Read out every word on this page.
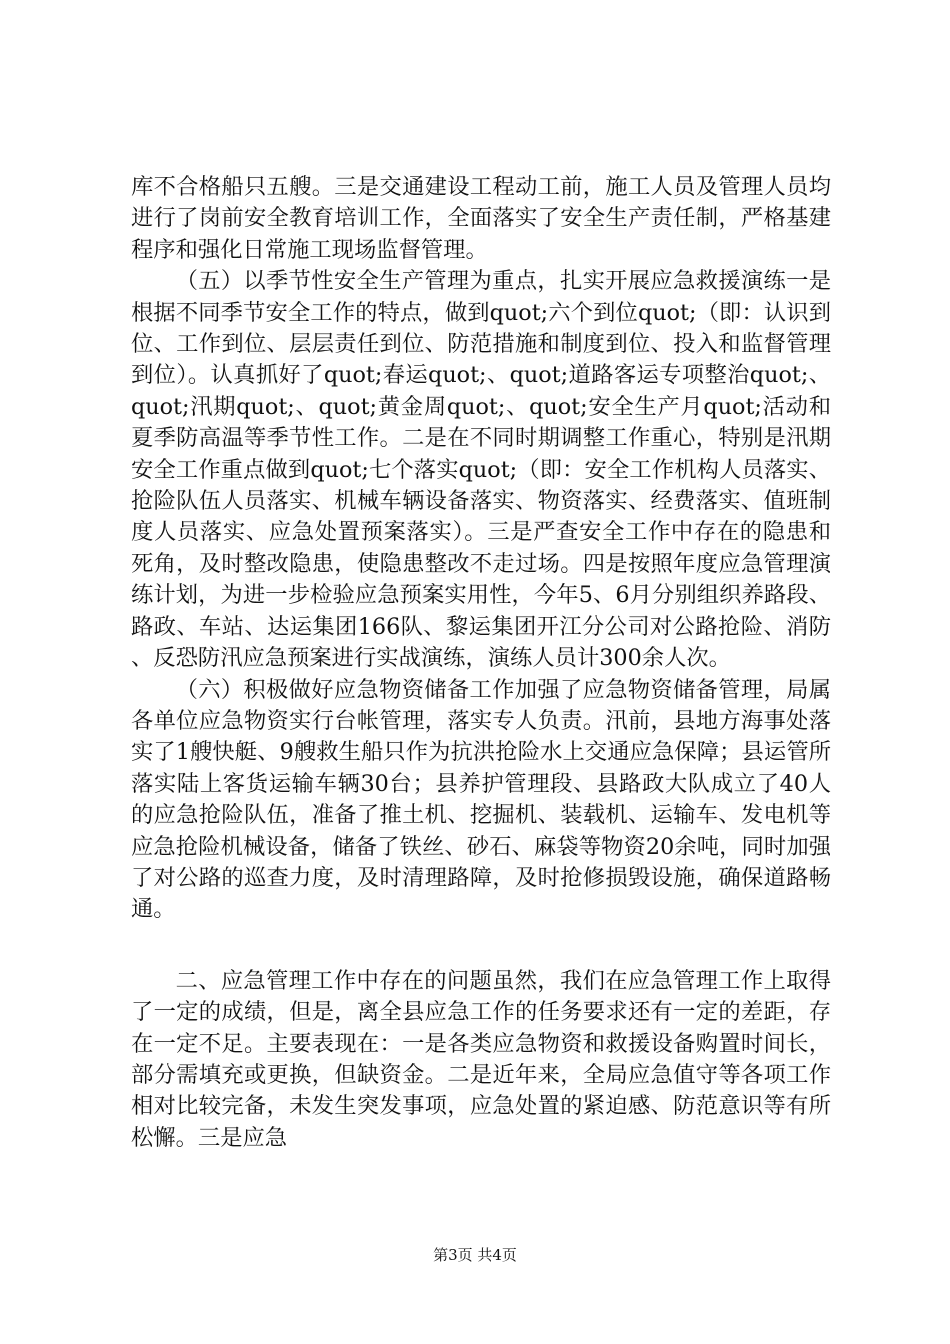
库不合格船只五艘。三是交通建设工程动工前，施工人员及管理人员均进行了岗前安全教育培训工作，全面落实了安全生产责任制，严格基建程序和强化日常施工现场监督管理。

（五）以季节性安全生产管理为重点，扎实开展应急救援演练一是根据不同季节安全工作的特点，做到quot;六个到位quot;（即：认识到位、工作到位、层层责任到位、防范措施和制度到位、投入和监督管理到位）。认真抓好了quot;春运quot;、quot;道路客运专项整治quot;、quot;汛期quot;、quot;黄金周quot;、quot;安全生产月quot;活动和夏季防高温等季节性工作。二是在不同时期调整工作重心，特别是汛期安全工作重点做到quot;七个落实quot;（即：安全工作机构人员落实、抢险队伍人员落实、机械车辆设备落实、物资落实、经费落实、值班制度人员落实、应急处置预案落实）。三是严查安全工作中存在的隐患和死角，及时整改隐患，使隐患整改不走过场。四是按照年度应急管理演练计划，为进一步检验应急预案实用性，今年5、6月分别组织养路段、路政、车站、达运集团166队、黎运集团开江分公司对公路抢险、消防、反恐防汛应急预案进行实战演练，演练人员计300余人次。

（六）积极做好应急物资储备工作加强了应急物资储备管理，局属各单位应急物资实行台帐管理，落实专人负责。汛前，县地方海事处落实了1艘快艇、9艘救生船只作为抗洪抢险水上交通应急保障；县运管所落实陆上客货运输车辆30台；县养护管理段、县路政大队成立了40人的应急抢险队伍，准备了推土机、挖掘机、装载机、运输车、发电机等应急抢险机械设备，储备了铁丝、砂石、麻袋等物资20余吨，同时加强了对公路的巡查力度，及时清理路障，及时抢修损毁设施，确保道路畅通。

二、应急管理工作中存在的问题虽然，我们在应急管理工作上取得了一定的成绩，但是，离全县应急工作的任务要求还有一定的差距，存在一定不足。主要表现在：一是各类应急物资和救援设备购置时间长，部分需填充或更换，但缺资金。二是近年来，全局应急值守等各项工作相对比较完备，未发生突发事项，应急处置的紧迫感、防范意识等有所松懈。三是应急

第3页 共4页
